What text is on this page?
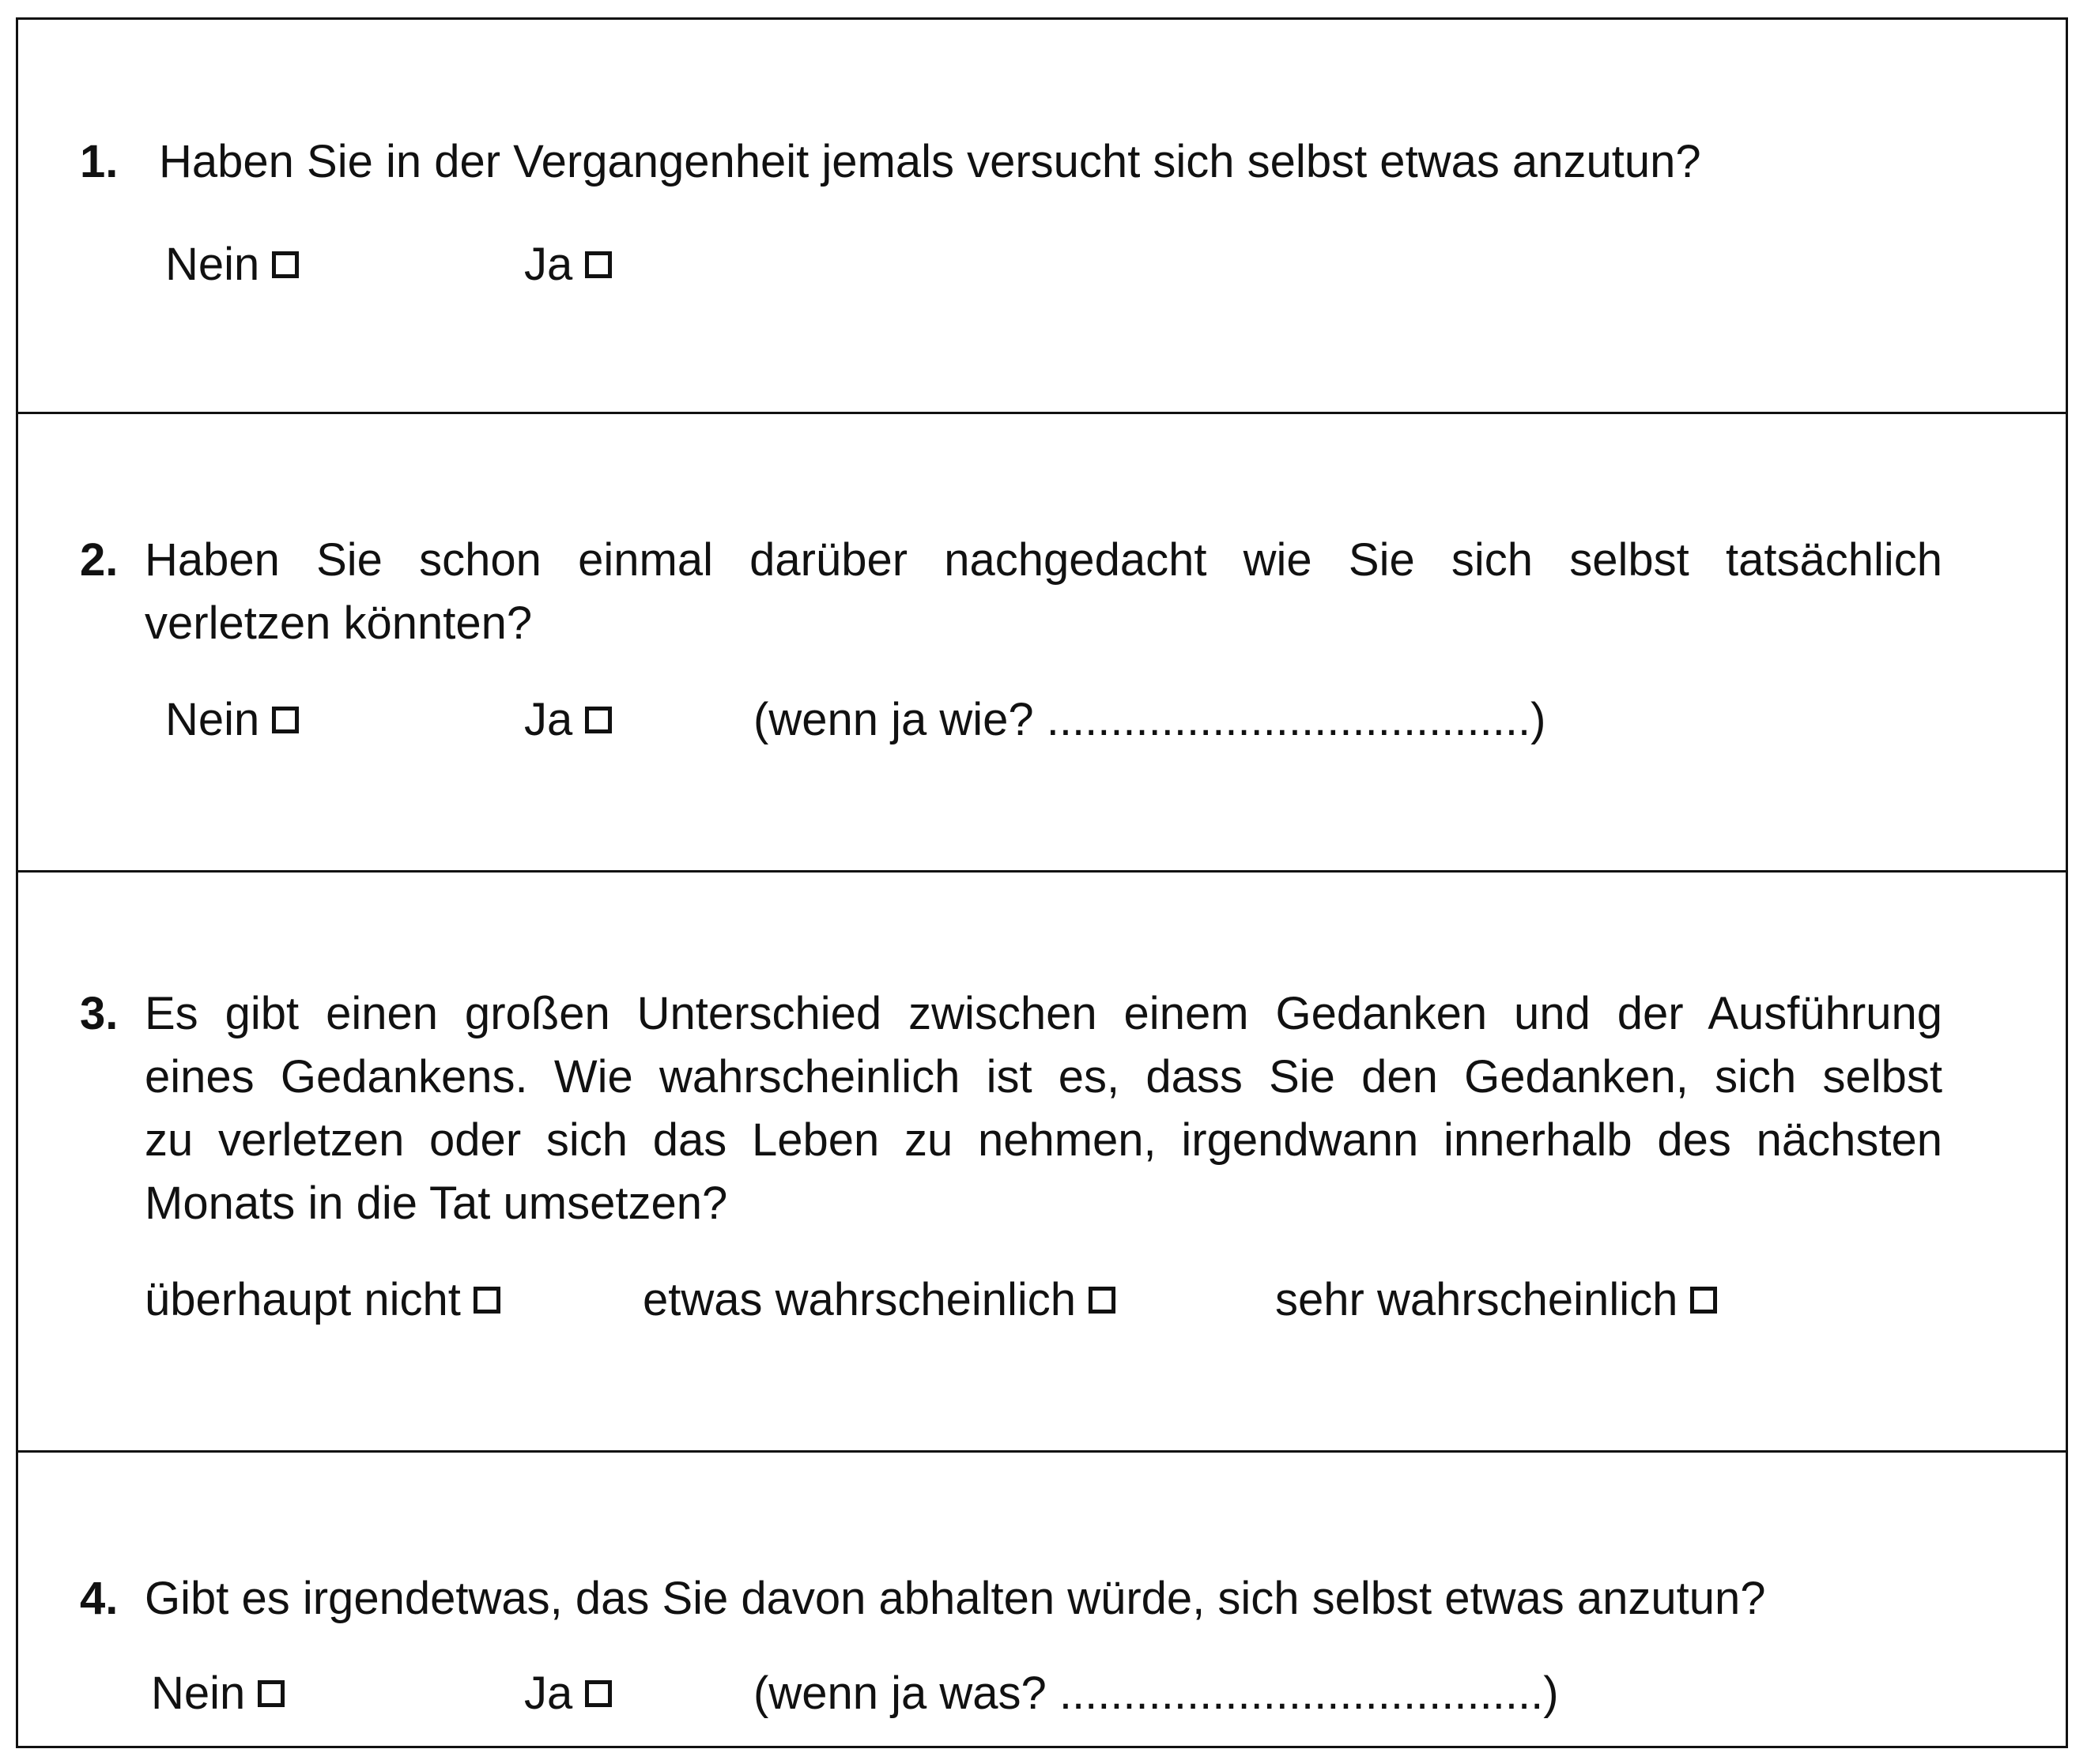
1. Haben Sie in der Vergangenheit jemals versucht sich selbst etwas anzutun?
Nein	Ja
2. Haben Sie schon einmal darüber nachgedacht wie Sie sich selbst tatsächlich
verletzen könnten?
Nein	Ja	(wenn ja wie? ......................................)
3. Es gibt einen großen Unterschied zwischen einem Gedanken und der Ausführung
eines Gedankens. Wie wahrscheinlich ist es, dass Sie den Gedanken, sich selbst
zu verletzen oder sich das Leben zu nehmen, irgendwann innerhalb des nächsten
Monats in die Tat umsetzen?
überhaupt nicht	etwas wahrscheinlich	sehr wahrscheinlich
4. Gibt es irgendetwas, das Sie davon abhalten würde, sich selbst etwas anzutun?
Nein	Ja	(wenn ja was? ......................................)
